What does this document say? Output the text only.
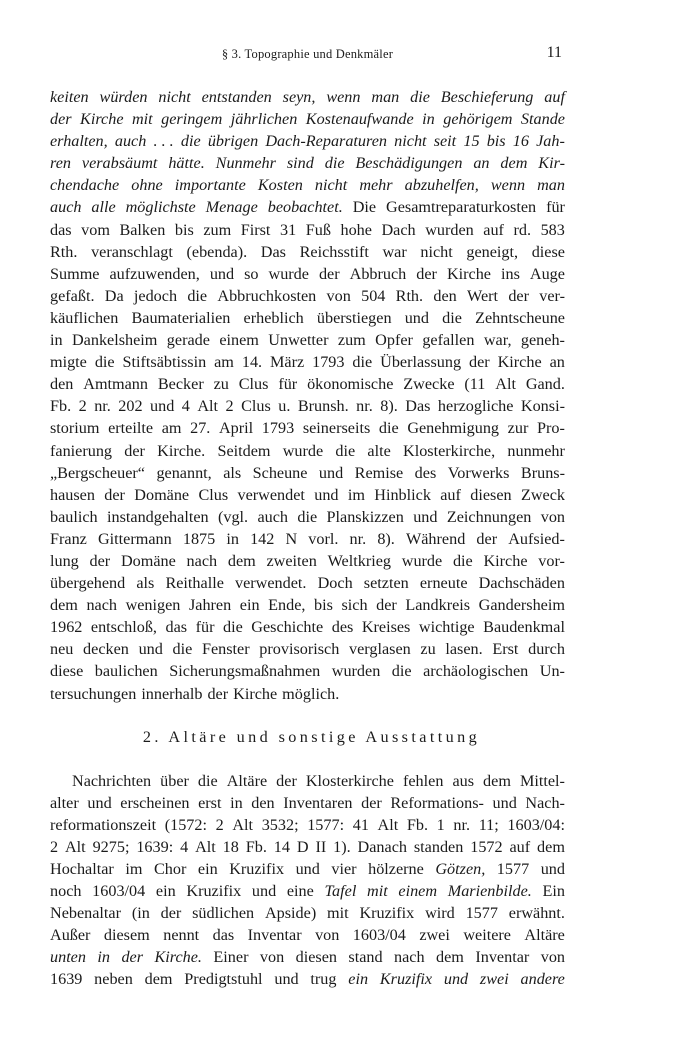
§ 3. Topographie und Denkmäler	11
keiten würden nicht entstanden seyn, wenn man die Beschieferung auf
der Kirche mit geringem jährlichen Kostenaufwande in gehörigem Stande
erhalten, auch . . . die übrigen Dach-Reparaturen nicht seit 15 bis 16 Jah-
ren verabsäumt hätte. Nunmehr sind die Beschädigungen an dem Kir-
chendache ohne importante Kosten nicht mehr abzuhelfen, wenn man
auch alle möglichste Menage beobachtet. Die Gesamtreparaturkosten für
das vom Balken bis zum First 31 Fuß hohe Dach wurden auf rd. 583
Rth. veranschlagt (ebenda). Das Reichsstift war nicht geneigt, diese
Summe aufzuwenden, und so wurde der Abbruch der Kirche ins Auge
gefaßt. Da jedoch die Abbruchkosten von 504 Rth. den Wert der ver-
käuflichen Baumaterialien erheblich überstiegen und die Zehntscheune
in Dankelsheim gerade einem Unwetter zum Opfer gefallen war, geneh-
migte die Stiftsäbtissin am 14. März 1793 die Überlassung der Kirche an
den Amtmann Becker zu Clus für ökonomische Zwecke (11 Alt Gand.
Fb. 2 nr. 202 und 4 Alt 2 Clus u. Brunsh. nr. 8). Das herzogliche Konsi-
storium erteilte am 27. April 1793 seinerseits die Genehmigung zur Pro-
fanierung der Kirche. Seitdem wurde die alte Klosterkirche, nunmehr
„Bergscheuer“ genannt, als Scheune und Remise des Vorwerks Bruns-
hausen der Domäne Clus verwendet und im Hinblick auf diesen Zweck
baulich instandgehalten (vgl. auch die Planskizzen und Zeichnungen von
Franz Gittermann 1875 in 142 N vorl. nr. 8). Während der Aufsied-
lung der Domäne nach dem zweiten Weltkrieg wurde die Kirche vor-
übergehend als Reithalle verwendet. Doch setzten erneute Dachschäden
dem nach wenigen Jahren ein Ende, bis sich der Landkreis Gandersheim
1962 entschloß, das für die Geschichte des Kreises wichtige Baudenkmal
neu decken und die Fenster provisorisch verglasen zu lasen. Erst durch
diese baulichen Sicherungsmaßnahmen wurden die archäologischen Un-
tersuchungen innerhalb der Kirche möglich.
2. Altäre und sonstige Ausstattung
Nachrichten über die Altäre der Klosterkirche fehlen aus dem Mittel-
alter und erscheinen erst in den Inventaren der Reformations- und Nach-
reformationszeit (1572: 2 Alt 3532; 1577: 41 Alt Fb. 1 nr. 11; 1603/04:
2 Alt 9275; 1639: 4 Alt 18 Fb. 14 D II 1). Danach standen 1572 auf dem
Hochaltar im Chor ein Kruzifix und vier hölzerne Götzen, 1577 und
noch 1603/04 ein Kruzifix und eine Tafel mit einem Marienbilde. Ein
Nebenaltar (in der südlichen Apside) mit Kruzifix wird 1577 erwähnt.
Außer diesem nennt das Inventar von 1603/04 zwei weitere Altäre
unten in der Kirche. Einer von diesen stand nach dem Inventar von
1639 neben dem Predigtstuhl und trug ein Kruzifix und zwei andere
